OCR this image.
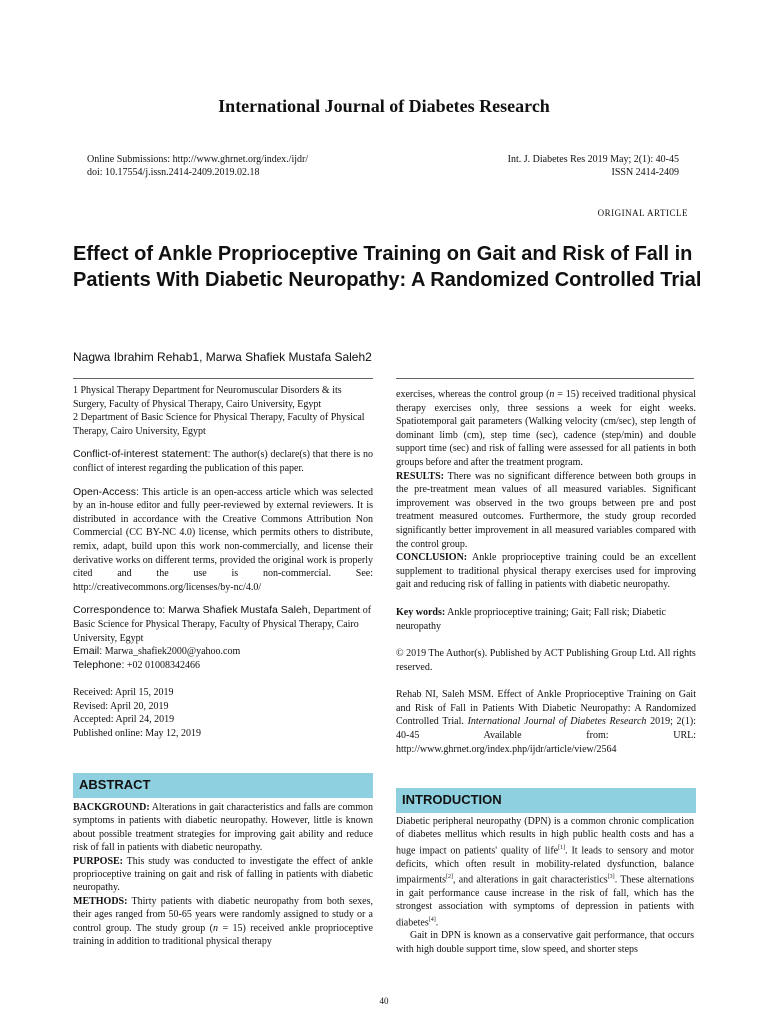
International Journal of Diabetes Research
Online Submissions: http://www.ghrnet.org/index./ijdr/
doi: 10.17554/j.issn.2414-2409.2019.02.18
Int. J. Diabetes Res 2019 May; 2(1): 40-45
ISSN 2414-2409
ORIGINAL ARTICLE
Effect of Ankle Proprioceptive Training on Gait and Risk of Fall in Patients With Diabetic Neuropathy: A Randomized Controlled Trial
Nagwa Ibrahim Rehab1, Marwa Shafiek Mustafa Saleh2

1 Physical Therapy Department for Neuromuscular Disorders & its Surgery, Faculty of Physical Therapy, Cairo University, Egypt

2 Department of Basic Science for Physical Therapy, Faculty of Physical Therapy, Cairo University, Egypt

Conflict-of-interest statement: The author(s) declare(s) that there is no conflict of interest regarding the publication of this paper.

Open-Access: This article is an open-access article which was selected by an in-house editor and fully peer-reviewed by external reviewers. It is distributed in accordance with the Creative Commons Attribution Non Commercial (CC BY-NC 4.0) license, which permits others to distribute, remix, adapt, build upon this work non-commercially, and license their derivative works on different terms, provided the original work is properly cited and the use is non-commercial. See: http://creativecommons.org/licenses/by-nc/4.0/

Correspondence to: Marwa Shafiek Mustafa Saleh, Department of Basic Science for Physical Therapy, Faculty of Physical Therapy, Cairo University, Egypt

Email: Marwa_shafiek2000@yahoo.com

Telephone: +02 01008342466

Received: April 15, 2019

Revised: April 20, 2019

Accepted: April 24, 2019

Published online: May 12, 2019

ABSTRACT

BACKGROUND: Alterations in gait characteristics and falls are common symptoms in patients with diabetic neuropathy. However, little is known about possible treatment strategies for improving gait ability and reduce risk of fall in patients with diabetic neuropathy.

PURPOSE: This study was conducted to investigate the effect of ankle proprioceptive training on gait and risk of falling in patients with diabetic neuropathy.

METHODS: Thirty patients with diabetic neuropathy from both sexes, their ages ranged from 50-65 years were randomly assigned to study or a control group. The study group (n = 15) received ankle proprioceptive training in addition to traditional physical therapy

exercises, whereas the control group (n = 15) received traditional physical therapy exercises only, three sessions a week for eight weeks. Spatiotemporal gait parameters (Walking velocity (cm/sec), step length of dominant limb (cm), step time (sec), cadence (step/min) and double support time (sec) and risk of falling were assessed for all patients in both groups before and after the treatment program.

RESULTS: There was no significant difference between both groups in the pre-treatment mean values of all measured variables. Significant improvement was observed in the two groups between pre and post treatment measured outcomes. Furthermore, the study group recorded significantly better improvement in all measured variables compared with the control group.

CONCLUSION: Ankle proprioceptive training could be an excellent supplement to traditional physical therapy exercises used for improving gait and reducing risk of falling in patients with diabetic neuropathy.

Key words: Ankle proprioceptive training; Gait; Fall risk; Diabetic neuropathy

© 2019 The Author(s). Published by ACT Publishing Group Ltd. All rights reserved.

Rehab NI, Saleh MSM. Effect of Ankle Proprioceptive Training on Gait and Risk of Fall in Patients With Diabetic Neuropathy: A Randomized Controlled Trial. International Journal of Diabetes Research 2019; 2(1): 40-45 Available from: URL: http://www.ghrnet.org/index.php/ijdr/article/view/2564

INTRODUCTION

Diabetic peripheral neuropathy (DPN) is a common chronic complication of diabetes mellitus which results in high public health costs and has a huge impact on patients' quality of life[1]. It leads to sensory and motor deficits, which often result in mobility-related dysfunction, balance impairments[2], and alterations in gait characteristics[3]. These alternations in gait performance cause increase in the risk of fall, which has the strongest association with symptoms of depression in patients with diabetes[4].

Gait in DPN is known as a conservative gait performance, that occurs with high double support time, slow speed, and shorter steps

40
